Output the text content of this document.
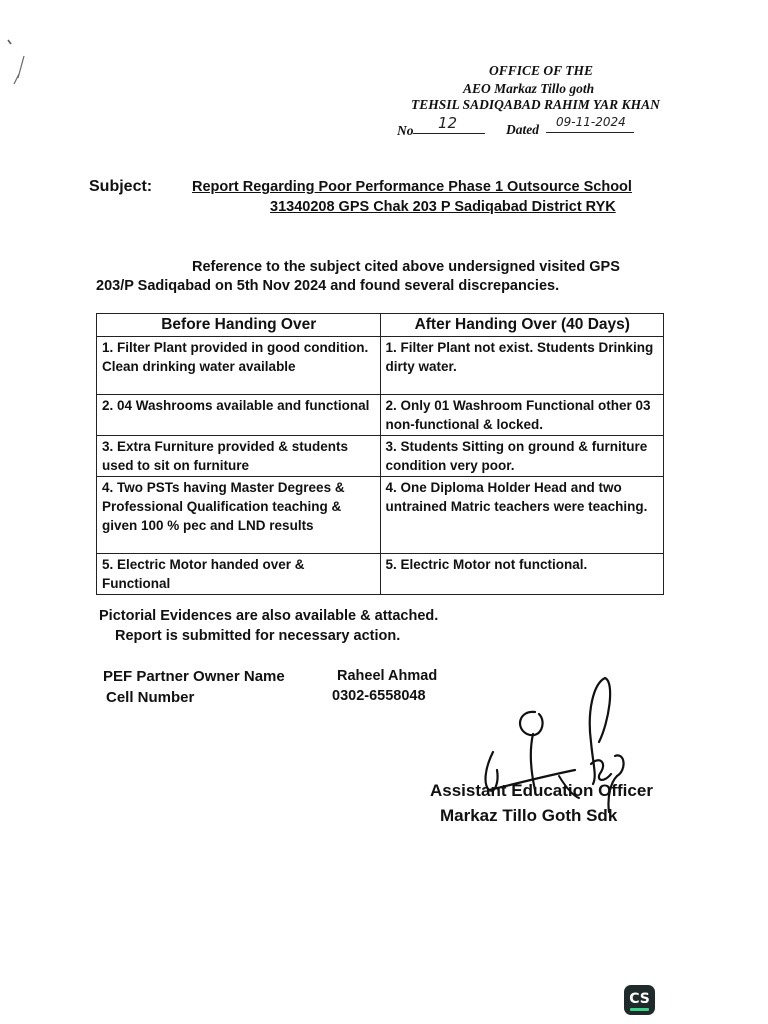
OFFICE OF THE
AEO Markaz Tillo goth
TEHSIL SADIQABAD RAHIM YAR KHAN
No 12	Dated 09-11-2024
Subject:	Report Regarding Poor Performance Phase 1 Outsource School
31340208 GPS Chak 203 P Sadiqabad District RYK
Reference to the subject cited above undersigned visited GPS
203/P Sadiqabad on 5th Nov 2024 and found several discrepancies.
Before Handing Over	After Handing Over (40 Days)
1. Filter Plant provided in good condition. Clean drinking water available	1. Filter Plant not exist. Students Drinking dirty water.
2. 04 Washrooms available and functional	2. Only 01 Washroom Functional other 03 non-functional & locked.
3. Extra Furniture provided & students used to sit on furniture	3. Students Sitting on ground & furniture condition very poor.
4. Two PSTs having Master Degrees & Professional Qualification teaching & given 100 % pec and LND results	4. One Diploma Holder Head and two untrained Matric teachers were teaching.
5. Electric Motor handed over & Functional	5. Electric Motor not functional.
Pictorial Evidences are also available & attached.
Report is submitted for necessary action.
PEF Partner Owner Name	Raheel Ahmad
Cell Number	0302-6558048
Assistant Education Officer
Markaz Tillo Goth Sdk
CS
